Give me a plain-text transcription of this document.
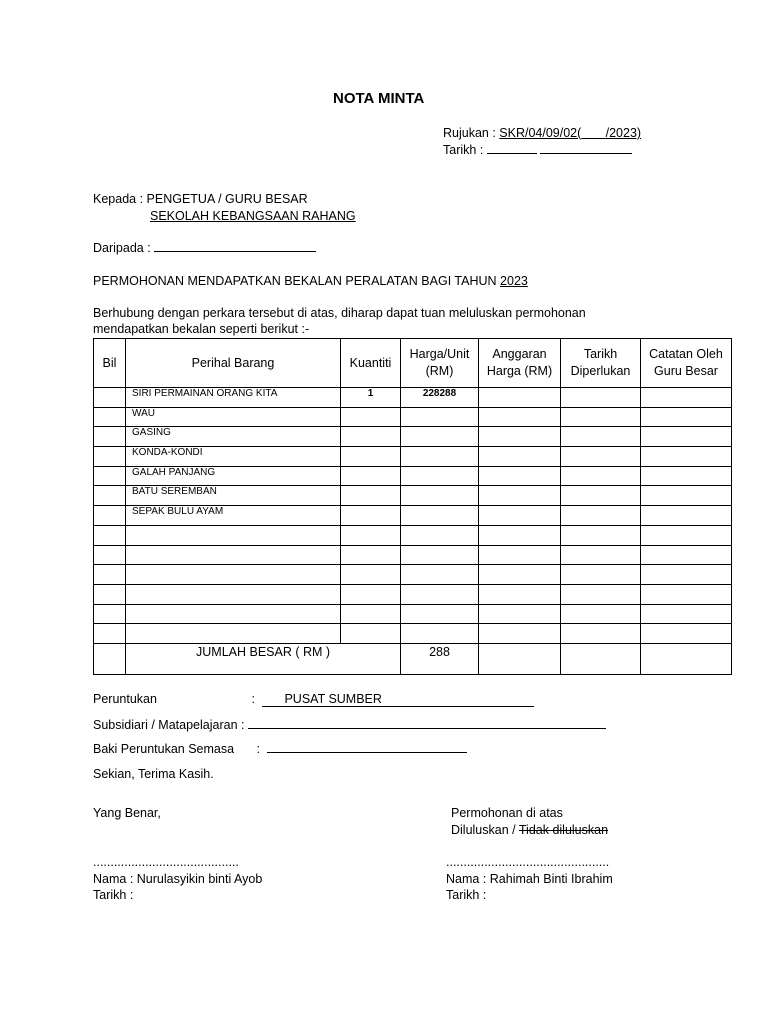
NOTA MINTA
Rujukan : SKR/04/09/02( /2023)
Tarikh :
Kepada : PENGETUA / GURU BESAR
SEKOLAH KEBANGSAAN RAHANG
Daripada :
PERMOHONAN MENDAPATKAN BEKALAN PERALATAN BAGI TAHUN 2023
Berhubung dengan perkara tersebut di atas, diharap dapat tuan meluluskan permohonan
mendapatkan bekalan seperti berikut :-
Bil	Perihal Barang	Kuantiti	Harga/Unit (RM)	Anggaran Harga (RM)	Tarikh Diperlukan	Catatan Oleh Guru Besar
	SIRI PERMAINAN ORANG KITA	1	228288			
	WAU					
	GASING					
	KONDA-KONDI					
	GALAH PANJANG					
	BATU SEREMBAN					
	SEPAK BULU AYAM					

	JUMLAH BESAR ( RM )		288			
Peruntukan	: PUSAT SUMBER
Subsidiari / Matapelajaran :
Baki Peruntukan Semasa :
Sekian, Terima Kasih.
Yang Benar,
..........................................
Nama : Nurulasyikin binti Ayob
Tarikh :
Permohonan di atas
Diluluskan / Tidak diluluskan
...............................................
Nama : Rahimah Binti Ibrahim
Tarikh :
